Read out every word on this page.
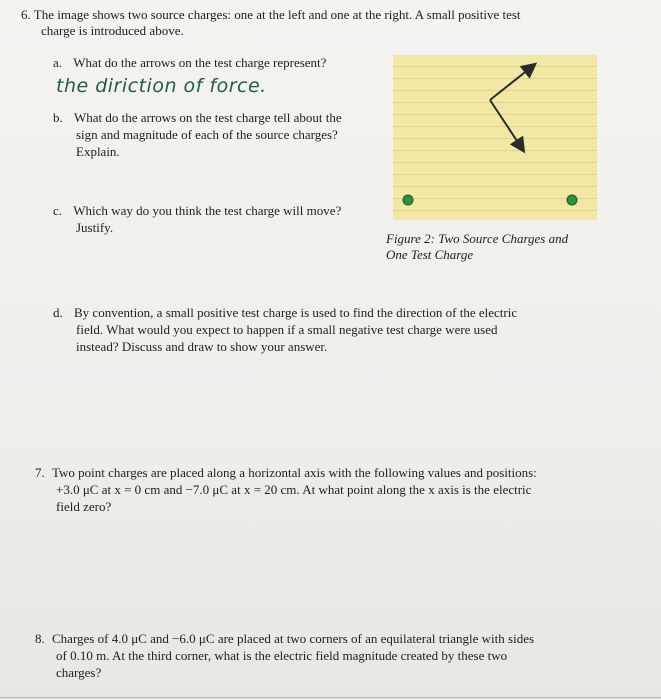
6. The image shows two source charges: one at the left and one at the right. A small positive test
charge is introduced above.
a. What do the arrows on the test charge represent?
the diriction of force.
b. What do the arrows on the test charge tell about the
sign and magnitude of each of the source charges?
Explain.
c. Which way do you think the test charge will move?
Justify.
Figure 2: Two Source Charges and
One Test Charge
d. By convention, a small positive test charge is used to find the direction of the electric
field. What would you expect to happen if a small negative test charge were used
instead? Discuss and draw to show your answer.
7. Two point charges are placed along a horizontal axis with the following values and positions:
+3.0 μC at x = 0 cm and −7.0 μC at x = 20 cm. At what point along the x axis is the electric
field zero?
8. Charges of 4.0 μC and −6.0 μC are placed at two corners of an equilateral triangle with sides
of 0.10 m. At the third corner, what is the electric field magnitude created by these two
charges?
